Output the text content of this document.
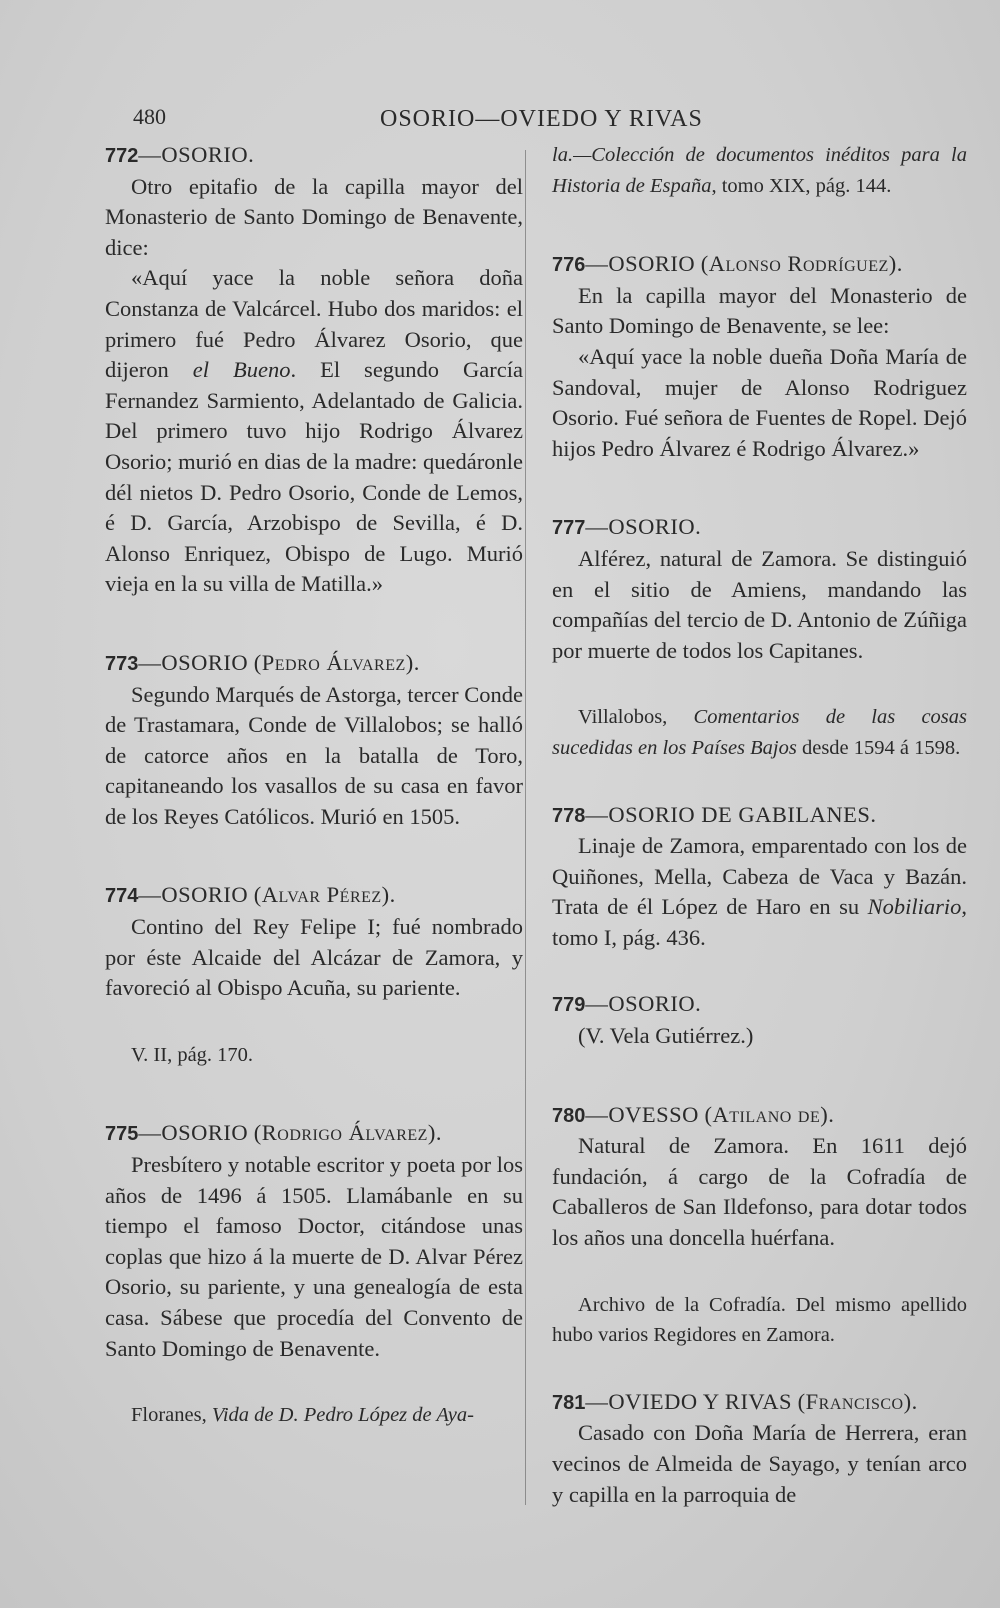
480	OSORIO—OVIEDO Y RIVAS

772—OSORIO.

Otro epitafio de la capilla mayor del Monasterio de Santo Domingo de Benavente, dice:

«Aquí yace la noble señora doña Constanza de Valcárcel. Hubo dos maridos: el primero fué Pedro Álvarez Osorio, que dijeron el Bueno. El segundo García Fernandez Sarmiento, Adelantado de Galicia. Del primero tuvo hijo Rodrigo Álvarez Osorio; murió en dias de la madre: quedáronle dél nietos D. Pedro Osorio, Conde de Lemos, é D. García, Arzobispo de Sevilla, é D. Alonso Enriquez, Obispo de Lugo. Murió vieja en la su villa de Matilla.»

773—OSORIO (Pedro Álvarez).

Segundo Marqués de Astorga, tercer Conde de Trastamara, Conde de Villalobos; se halló de catorce años en la batalla de Toro, capitaneando los vasallos de su casa en favor de los Reyes Católicos. Murió en 1505.

774—OSORIO (Alvar Pérez).

Contino del Rey Felipe I; fué nombrado por éste Alcaide del Alcázar de Zamora, y favoreció al Obispo Acuña, su pariente.

V. II, pág. 170.

775—OSORIO (Rodrigo Álvarez).

Presbítero y notable escritor y poeta por los años de 1496 á 1505. Llamábanle en su tiempo el famoso Doctor, citándose unas coplas que hizo á la muerte de D. Alvar Pérez Osorio, su pariente, y una genealogía de esta casa. Sábese que procedía del Convento de Santo Domingo de Benavente.

Floranes, Vida de D. Pedro López de Aya-

la.—Colección de documentos inéditos para la Historia de España, tomo XIX, pág. 144.

776—OSORIO (Alonso Rodríguez).

En la capilla mayor del Monasterio de Santo Domingo de Benavente, se lee:

«Aquí yace la noble dueña Doña María de Sandoval, mujer de Alonso Rodriguez Osorio. Fué señora de Fuentes de Ropel. Dejó hijos Pedro Álvarez é Rodrigo Álvarez.»

777—OSORIO.

Alférez, natural de Zamora. Se distinguió en el sitio de Amiens, mandando las compañías del tercio de D. Antonio de Zúñiga por muerte de todos los Capitanes.

Villalobos, Comentarios de las cosas sucedidas en los Países Bajos desde 1594 á 1598.

778—OSORIO DE GABILANES.

Linaje de Zamora, emparentado con los de Quiñones, Mella, Cabeza de Vaca y Bazán. Trata de él López de Haro en su Nobiliario, tomo I, pág. 436.

779—OSORIO.

(V. Vela Gutiérrez.)

780—OVESSO (Atilano de).

Natural de Zamora. En 1611 dejó fundación, á cargo de la Cofradía de Caballeros de San Ildefonso, para dotar todos los años una doncella huérfana.

Archivo de la Cofradía. Del mismo apellido hubo varios Regidores en Zamora.

781—OVIEDO Y RIVAS (Francisco).

Casado con Doña María de Herrera, eran vecinos de Almeida de Sayago, y tenían arco y capilla en la parroquia de
